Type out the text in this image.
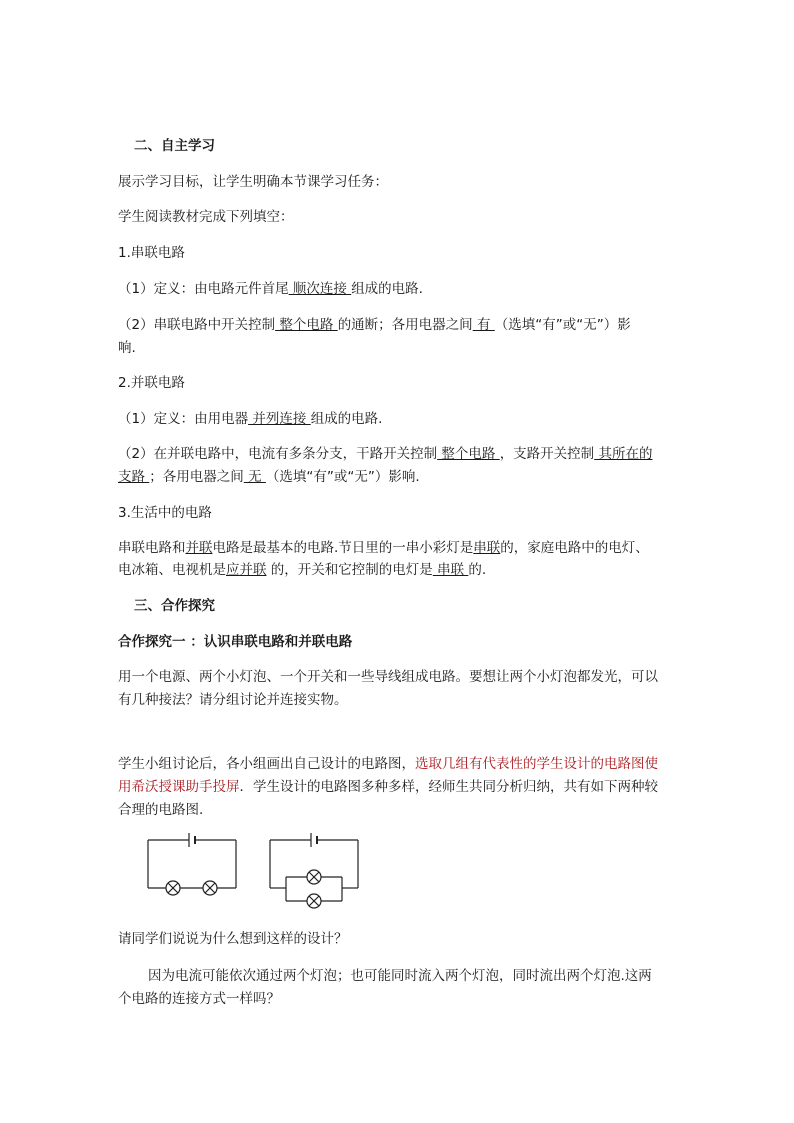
二、自主学习
展示学习目标，让学生明确本节课学习任务：
学生阅读教材完成下列填空：
1.串联电路
（1）定义：由电路元件首尾 顺次连接 组成的电路.
（2）串联电路中开关控制 整个电路 的通断；各用电器之间 有 （选填“有”或“无”）影
响.
2.并联电路
（1）定义：由用电器 并列连接 组成的电路.
（2）在并联电路中，电流有多条分支，干路开关控制 整个电路 ，支路开关控制 其所在的
支路 ；各用电器之间 无 （选填“有”或“无”）影响.
3.生活中的电路
串联电路和并联电路是最基本的电路.节日里的一串小彩灯是串联的，家庭电路中的电灯、
电冰箱、电视机是应并联 的，开关和它控制的电灯是 串联 的.
三、合作探究
合作探究一 ：认识串联电路和并联电路
用一个电源、两个小灯泡、一个开关和一些导线组成电路。要想让两个小灯泡都发光，可以
有几种接法？请分组讨论并连接实物。
学生小组讨论后，各小组画出自己设计的电路图，选取几组有代表性的学生设计的电路图使
用希沃授课助手投屏．学生设计的电路图多种多样，经师生共同分析归纳，共有如下两种较
合理的电路图.
请同学们说说为什么想到这样的设计？
因为电流可能依次通过两个灯泡；也可能同时流入两个灯泡，同时流出两个灯泡.这两
个电路的连接方式一样吗？
